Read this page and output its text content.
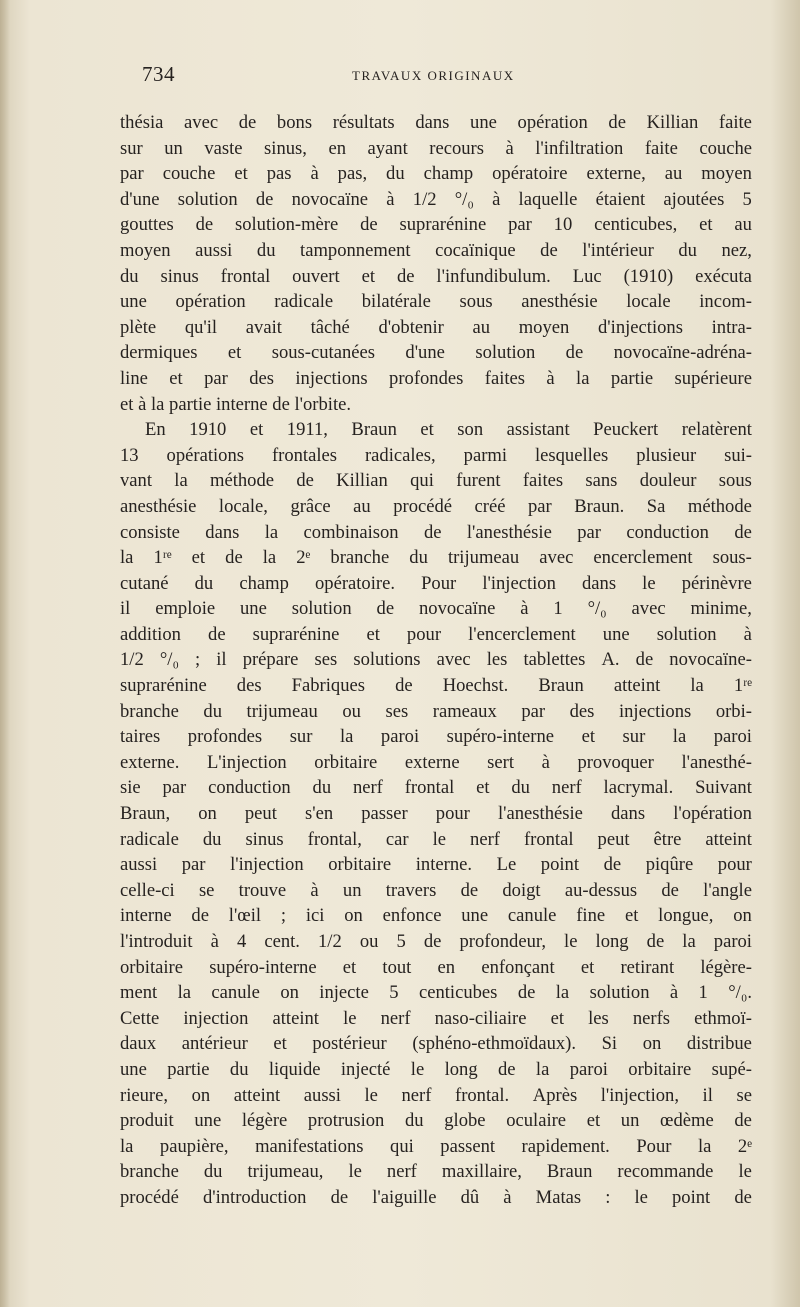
734	TRAVAUX ORIGINAUX
thésia avec de bons résultats dans une opération de Killian faite
sur un vaste sinus, en ayant recours à l'infiltration faite couche
par couche et pas à pas, du champ opératoire externe, au moyen
d'une solution de novocaïne à 1/2 °/₀ à laquelle étaient ajoutées 5
gouttes de solution-mère de suprarénine par 10 centicubes, et au
moyen aussi du tamponnement cocaïnique de l'intérieur du nez,
du sinus frontal ouvert et de l'infundibulum. Luc (1910) exécuta
une opération radicale bilatérale sous anesthésie locale incom-
plète qu'il avait tâché d'obtenir au moyen d'injections intra-
dermiques et sous-cutanées d'une solution de novocaïne-adréna-
line et par des injections profondes faites à la partie supérieure
et à la partie interne de l'orbite.
En 1910 et 1911, Braun et son assistant Peuckert relatèrent
13 opérations frontales radicales, parmi lesquelles plusieur sui-
vant la méthode de Killian qui furent faites sans douleur sous
anesthésie locale, grâce au procédé créé par Braun. Sa méthode
consiste dans la combinaison de l'anesthésie par conduction de
la 1ʳᵉ et de la 2ᵉ branche du trijumeau avec encerclement sous-
cutané du champ opératoire. Pour l'injection dans le périnèvre
il emploie une solution de novocaïne à 1 °/₀ avec minime,
addition de suprarénine et pour l'encerclement une solution à
1/2 °/₀ ; il prépare ses solutions avec les tablettes A. de novocaïne-
suprarénine des Fabriques de Hoechst. Braun atteint la 1ʳᵉ
branche du trijumeau ou ses rameaux par des injections orbi-
taires profondes sur la paroi supéro-interne et sur la paroi
externe. L'injection orbitaire externe sert à provoquer l'anesthé-
sie par conduction du nerf frontal et du nerf lacrymal. Suivant
Braun, on peut s'en passer pour l'anesthésie dans l'opération
radicale du sinus frontal, car le nerf frontal peut être atteint
aussi par l'injection orbitaire interne. Le point de piqûre pour
celle-ci se trouve à un travers de doigt au-dessus de l'angle
interne de l'œil ; ici on enfonce une canule fine et longue, on
l'introduit à 4 cent. 1/2 ou 5 de profondeur, le long de la paroi
orbitaire supéro-interne et tout en enfonçant et retirant légère-
ment la canule on injecte 5 centicubes de la solution à 1 °/₀.
Cette injection atteint le nerf naso-ciliaire et les nerfs ethmoï-
daux antérieur et postérieur (sphéno-ethmoïdaux). Si on distribue
une partie du liquide injecté le long de la paroi orbitaire supé-
rieure, on atteint aussi le nerf frontal. Après l'injection, il se
produit une légère protrusion du globe oculaire et un œdème de
la paupière, manifestations qui passent rapidement. Pour la 2ᵉ
branche du trijumeau, le nerf maxillaire, Braun recommande le
procédé d'introduction de l'aiguille dû à Matas : le point de
